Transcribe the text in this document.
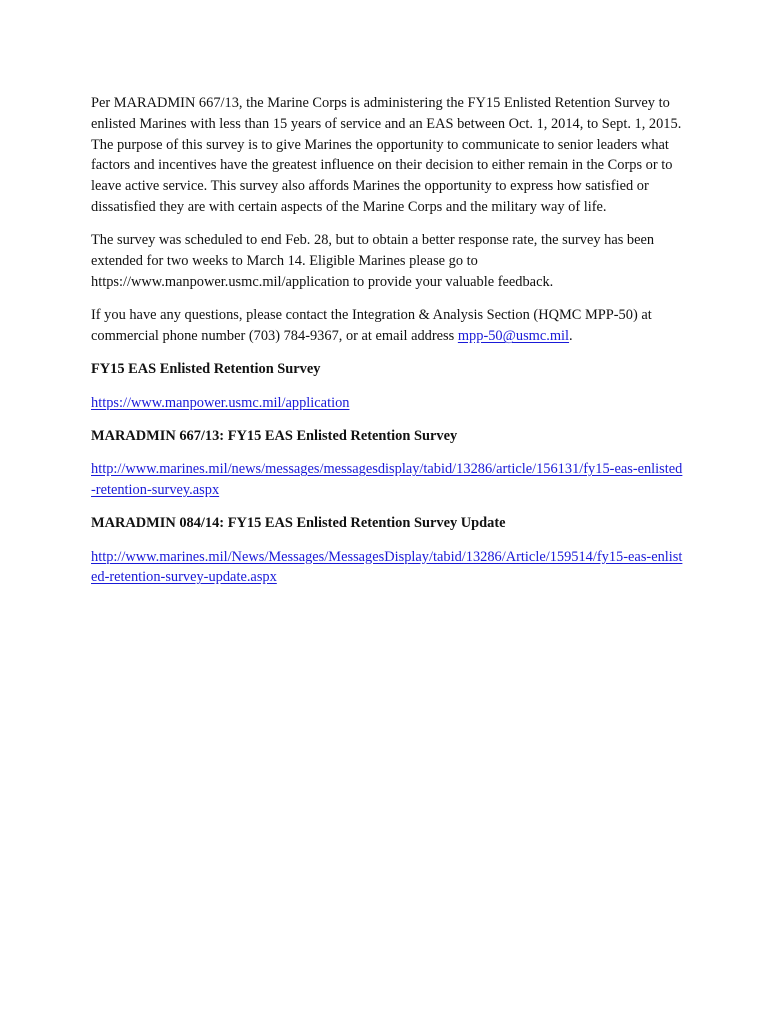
Per MARADMIN 667/13, the Marine Corps is administering the FY15 Enlisted Retention Survey to enlisted Marines with less than 15 years of service and an EAS between Oct. 1, 2014, to Sept. 1, 2015. The purpose of this survey is to give Marines the opportunity to communicate to senior leaders what factors and incentives have the greatest influence on their decision to either remain in the Corps or to leave active service. This survey also affords Marines the opportunity to express how satisfied or dissatisfied they are with certain aspects of the Marine Corps and the military way of life.

The survey was scheduled to end Feb. 28, but to obtain a better response rate, the survey has been extended for two weeks to March 14. Eligible Marines please go to https://www.manpower.usmc.mil/application to provide your valuable feedback.

If you have any questions, please contact the Integration & Analysis Section (HQMC MPP-50) at commercial phone number (703) 784-9367, or at email address mpp-50@usmc.mil.

FY15 EAS Enlisted Retention Survey

https://www.manpower.usmc.mil/application

MARADMIN 667/13: FY15 EAS Enlisted Retention Survey

http://www.marines.mil/news/messages/messagesdisplay/tabid/13286/article/156131/fy15-eas-enlisted-retention-survey.aspx

MARADMIN 084/14: FY15 EAS Enlisted Retention Survey Update

http://www.marines.mil/News/Messages/MessagesDisplay/tabid/13286/Article/159514/fy15-eas-enlisted-retention-survey-update.aspx
